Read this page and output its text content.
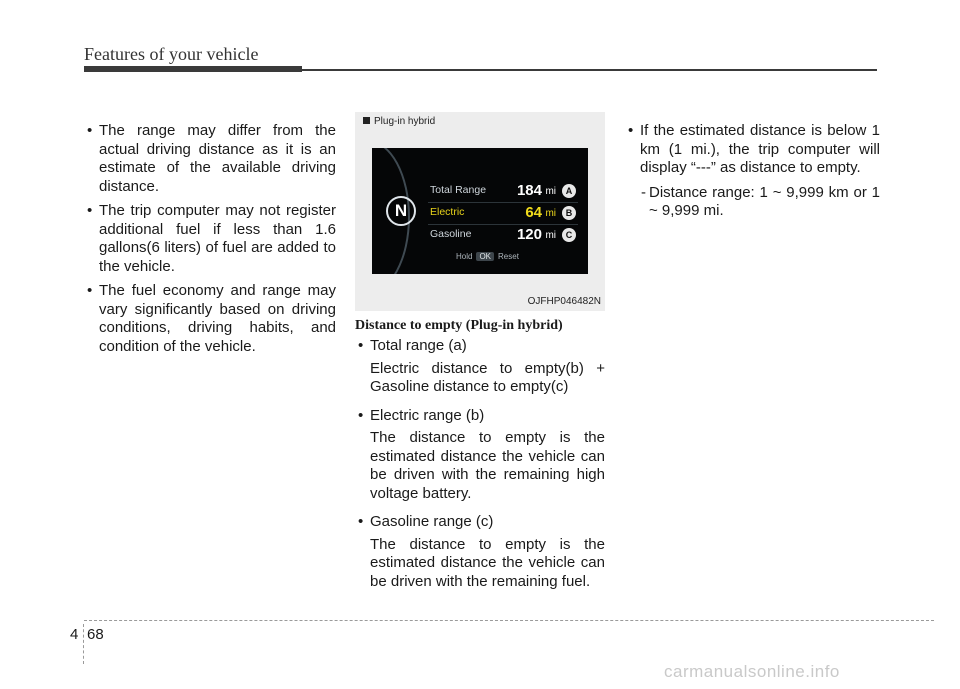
Features of your vehicle
• The range may differ from the actual driving distance as it is an estimate of the available driving distance.
• The trip computer may not register additional fuel if less than 1.6 gallons(6 liters) of fuel are added to the vehicle.
• The fuel economy and range may vary significantly based on driving conditions, driving habits, and condition of the vehicle.
Plug-in hybrid
N
Total Range 184 mi	A
Electric	64 mi	B
Gasoline	120 mi	C
Hold OK Reset
OJFHP046482N
Distance to empty (Plug-in hybrid)
• Total range (a)
Electric distance to empty(b) + Gasoline distance to empty(c)
• Electric range (b)
The distance to empty is the estimated distance the vehicle can be driven with the remaining high voltage battery.
• Gasoline range (c)
The distance to empty is the estimated distance the vehicle can be driven with the remaining fuel.
• If the estimated distance is below 1 km (1 mi.), the trip computer will display “---” as distance to empty.
- Distance range: 1 ~ 9,999 km or 1 ~ 9,999 mi.
4 68
carmanualsonline.info
